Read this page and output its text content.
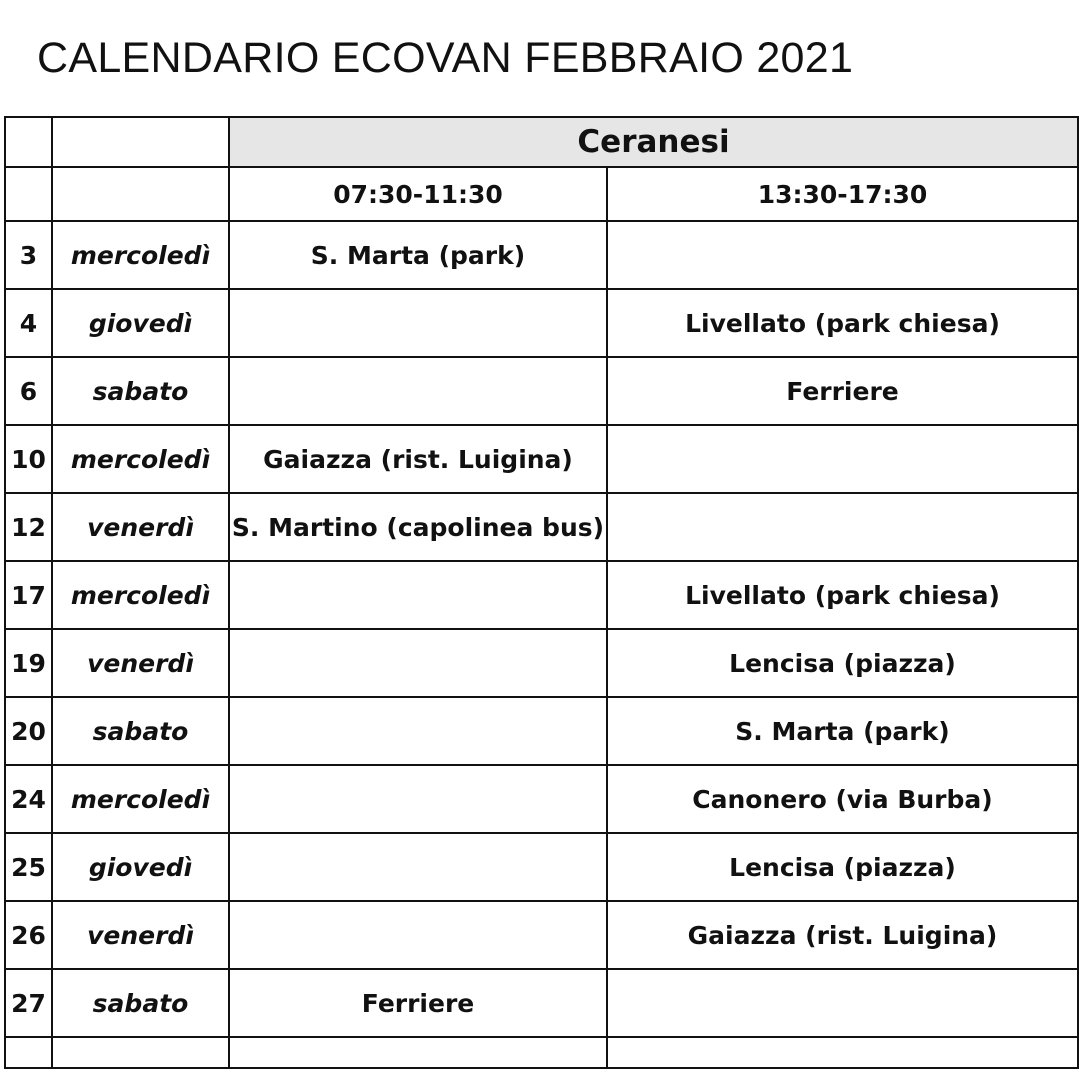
CALENDARIO ECOVAN FEBBRAIO 2021
		Ceranesi	
		07:30-11:30	13:30-17:30
3	mercoledì	S. Marta (park)	
4	giovedì		Livellato (park chiesa)
6	sabato		Ferriere
10	mercoledì	Gaiazza (rist. Luigina)	
12	venerdì	S. Martino (capolinea bus)	
17	mercoledì		Livellato (park chiesa)
19	venerdì		Lencisa (piazza)
20	sabato		S. Marta (park)
24	mercoledì		Canonero (via Burba)
25	giovedì		Lencisa (piazza)
26	venerdì		Gaiazza (rist. Luigina)
27	sabato	Ferriere	
